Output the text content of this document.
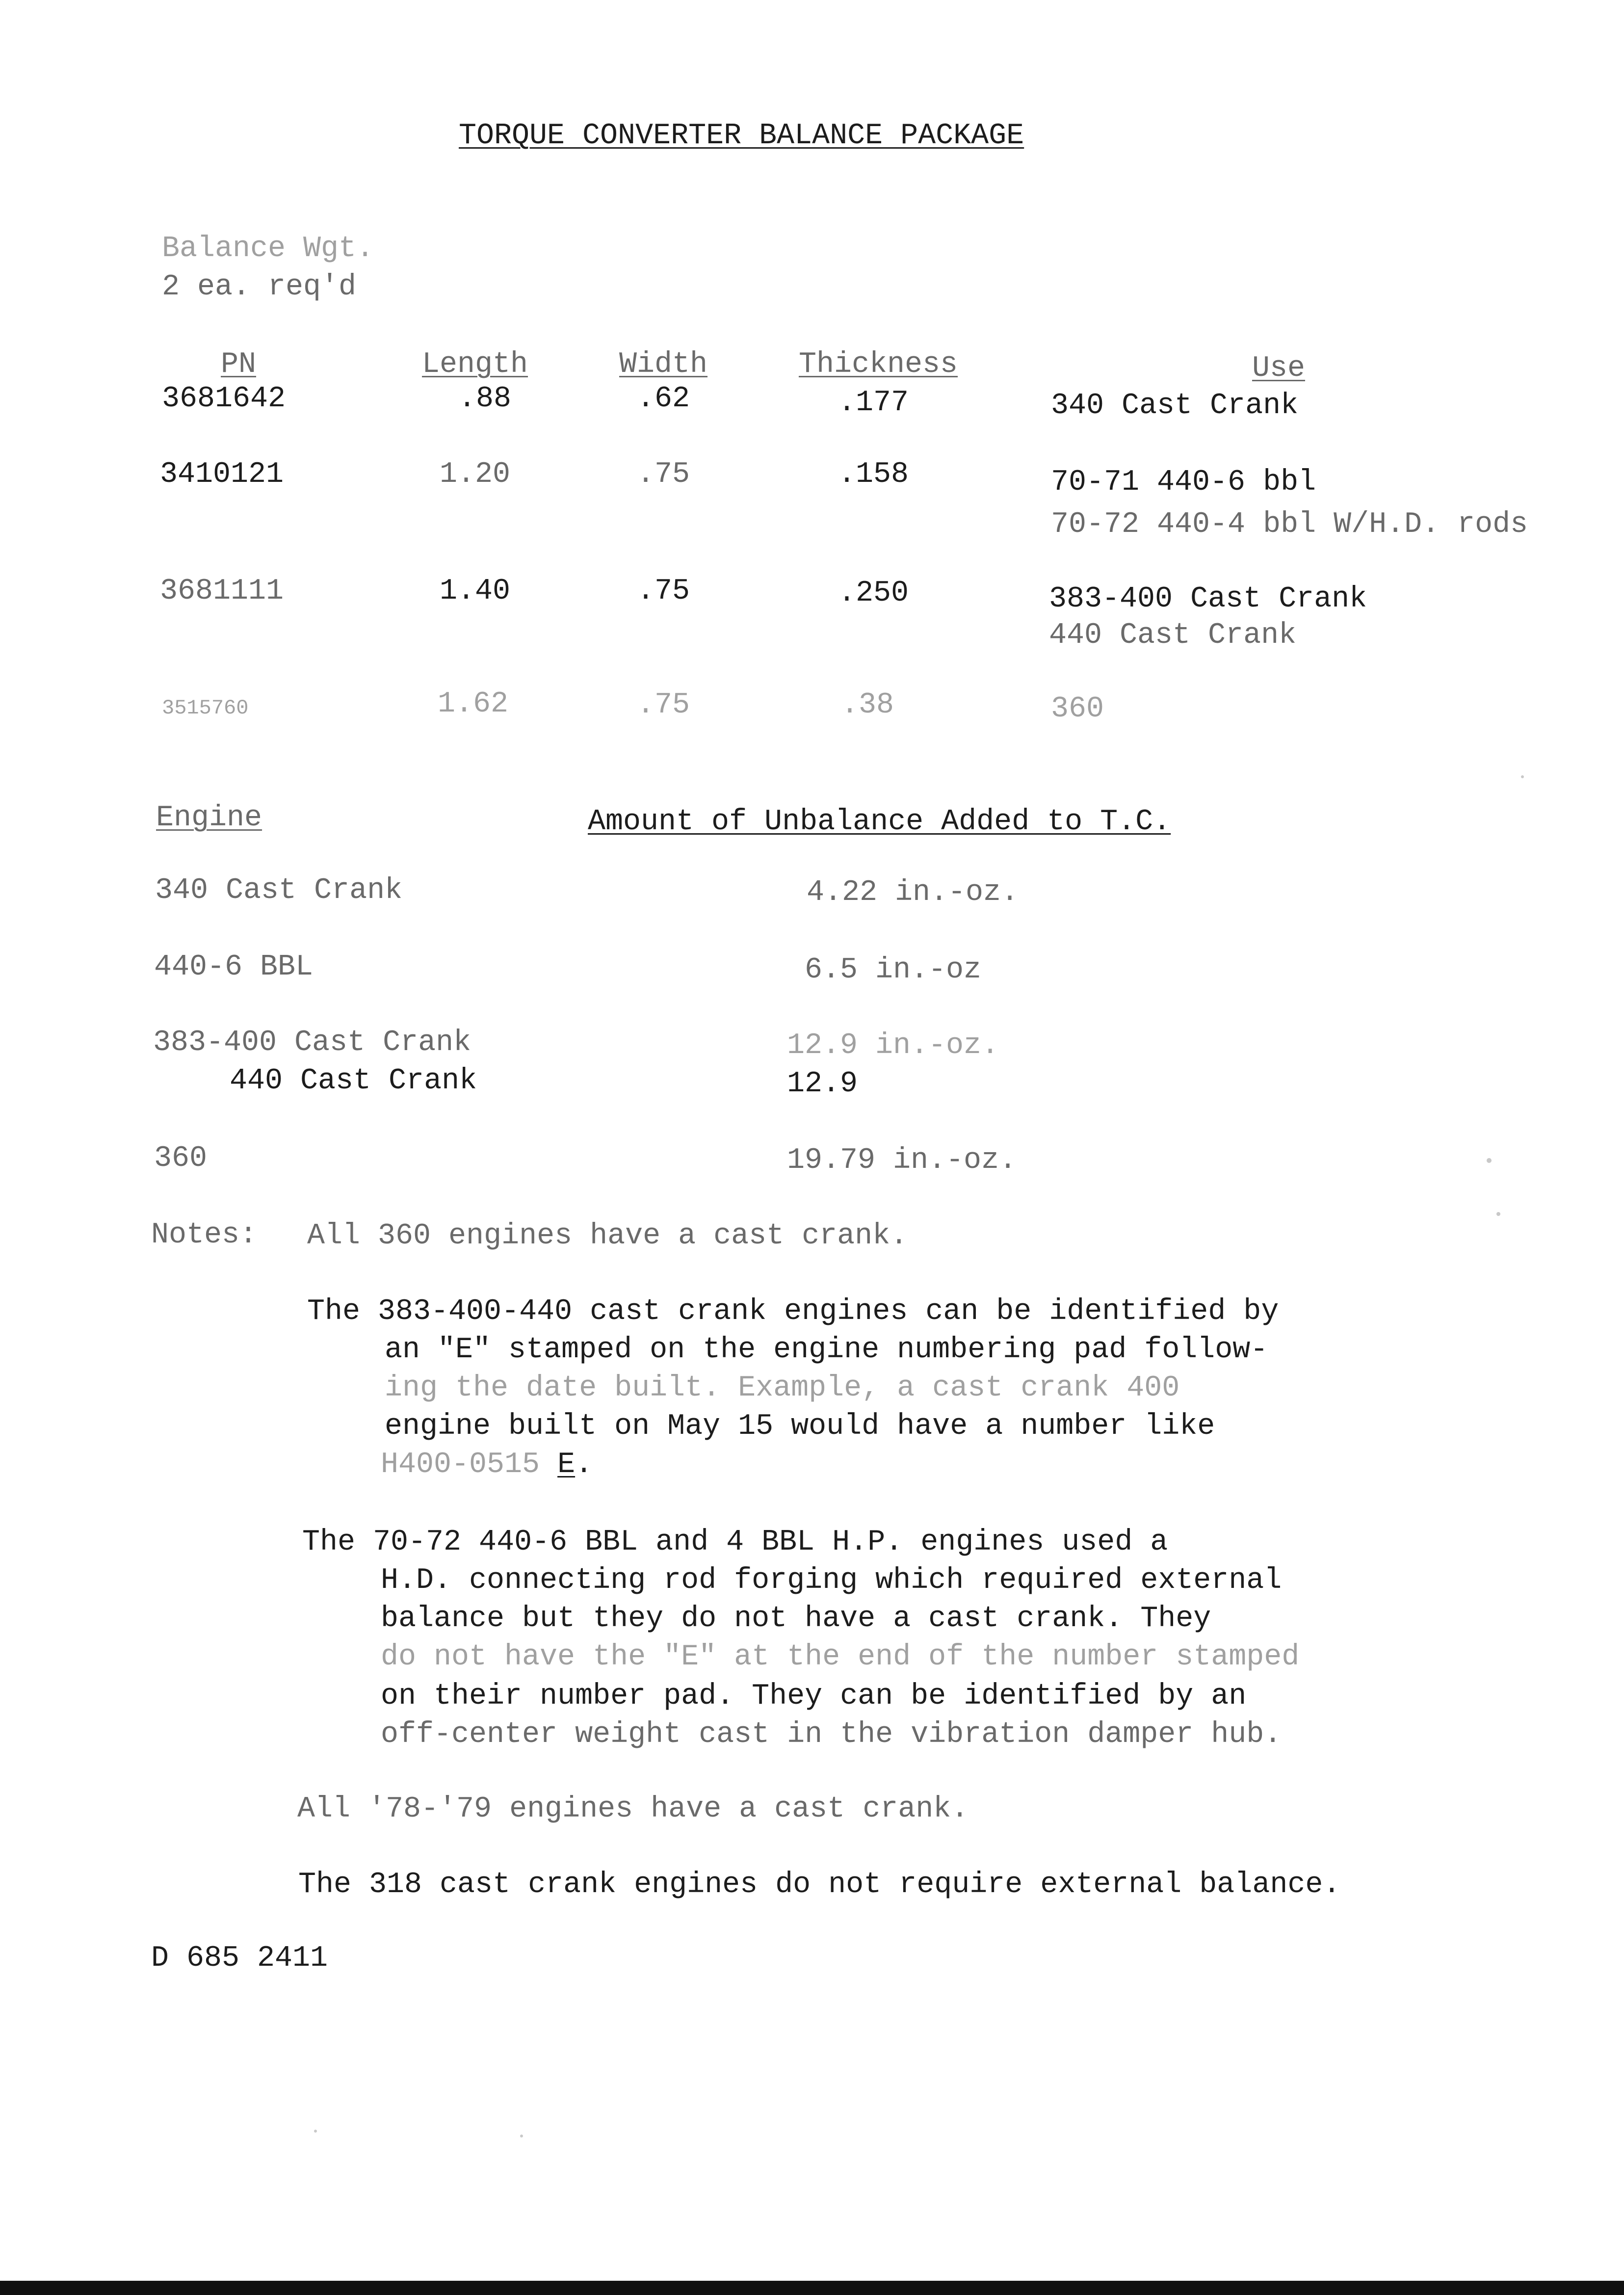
TORQUE CONVERTER BALANCE PACKAGE
Balance Wgt.
2 ea. req'd
PN	Length	Width	Thickness	Use
3681642	.88	.62	.177	340 Cast Crank
3410121	1.20	.75	.158	70-71 440-6 bbl
70-72 440-4 bbl W/H.D. rods
3681111	1.40	.75	.250	383-400 Cast Crank
440 Cast Crank
3515760	1.62	.75	.38	360
Engine	Amount of Unbalance Added to T.C.
340 Cast Crank	4.22 in.-oz.
440-6 BBL	6.5 in.-oz
383-400 Cast Crank	12.9 in.-oz.
440 Cast Crank	12.9
360	19.79 in.-oz.
Notes: All 360 engines have a cast crank.
The 383-400-440 cast crank engines can be identified by
an "E" stamped on the engine numbering pad follow-
ing the date built. Example, a cast crank 400
engine built on May 15 would have a number like
H400-0515 E.
The 70-72 440-6 BBL and 4 BBL H.P. engines used a
H.D. connecting rod forging which required external
balance but they do not have a cast crank. They
do not have the "E" at the end of the number stamped
on their number pad. They can be identified by an
off-center weight cast in the vibration damper hub.
All '78-'79 engines have a cast crank.
The 318 cast crank engines do not require external balance.
D 685 2411
